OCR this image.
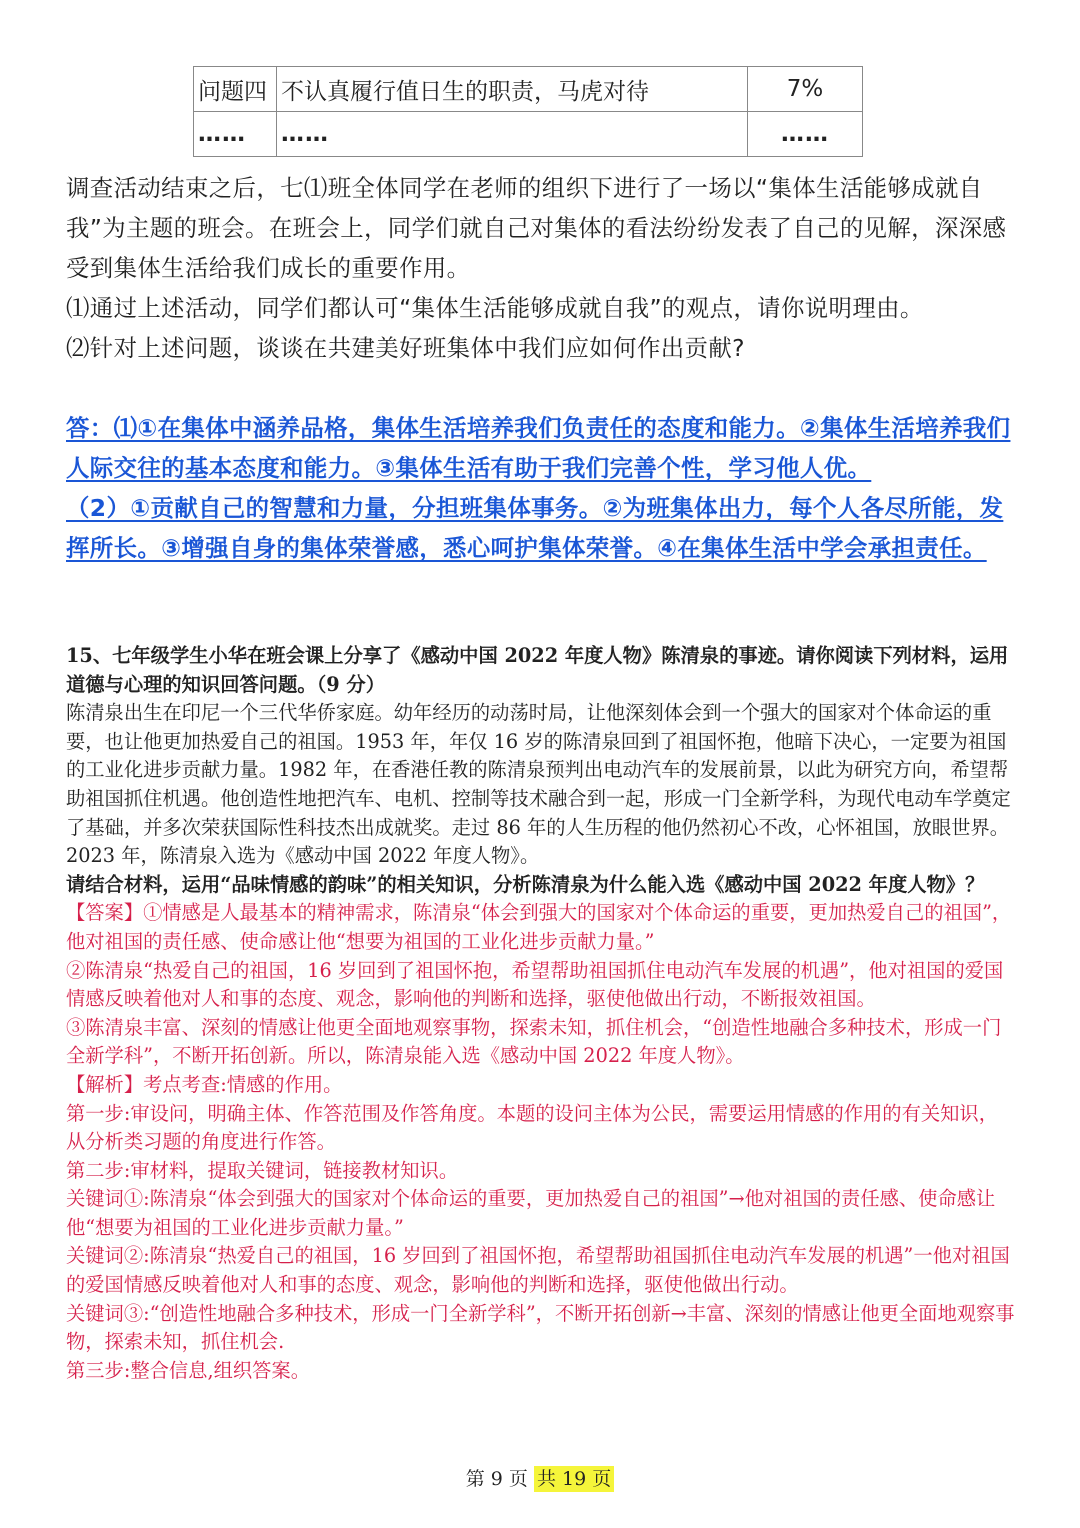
问题四	不认真履行值日生的职责，马虎对待	7%
……	……	……

调查活动结束之后，七⑴班全体同学在老师的组织下进行了一场以“集体生活能够成就自我”为主题的班会。在班会上，同学们就自己对集体的看法纷纷发表了自己的见解，深深感受到集体生活给我们成长的重要作用。

⑴通过上述活动，同学们都认可“集体生活能够成就自我”的观点，请你说明理由。

⑵针对上述问题，谈谈在共建美好班集体中我们应如何作出贡献?

答：⑴①在集体中涵养品格，集体生活培养我们负责任的态度和能力。②集体生活培养我们人际交往的基本态度和能力。③集体生活有助于我们完善个性，学习他人优。

（2）①贡献自己的智慧和力量，分担班集体事务。②为班集体出力，每个人各尽所能，发挥所长。③增强自身的集体荣誉感，悉心呵护集体荣誉。④在集体生活中学会承担责任。

15、七年级学生小华在班会课上分享了《感动中国 2022 年度人物》陈清泉的事迹。请你阅读下列材料，运用道德与心理的知识回答问题。（9 分）

陈清泉出生在印尼一个三代华侨家庭。幼年经历的动荡时局，让他深刻体会到一个强大的国家对个体命运的重要，也让他更加热爱自己的祖国。1953 年，年仅 16 岁的陈清泉回到了祖国怀抱，他暗下决心，一定要为祖国的工业化进步贡献力量。1982 年，在香港任教的陈清泉预判出电动汽车的发展前景，以此为研究方向，希望帮助祖国抓住机遇。他创造性地把汽车、电机、控制等技术融合到一起，形成一门全新学科，为现代电动车学奠定了基础，并多次荣获国际性科技杰出成就奖。走过 86 年的人生历程的他仍然初心不改，心怀祖国，放眼世界。2023 年，陈清泉入选为《感动中国 2022 年度人物》。

请结合材料，运用“品味情感的韵味”的相关知识，分析陈清泉为什么能入选《感动中国 2022 年度人物》？

【答案】①情感是人最基本的精神需求，陈清泉“体会到强大的国家对个体命运的重要，更加热爱自己的祖国”，他对祖国的责任感、使命感让他“想要为祖国的工业化进步贡献力量。”

②陈清泉“热爱自己的祖国，16 岁回到了祖国怀抱，希望帮助祖国抓住电动汽车发展的机遇”，他对祖国的爱国情感反映着他对人和事的态度、观念，影响他的判断和选择，驱使他做出行动，不断报效祖国。

③陈清泉丰富、深刻的情感让他更全面地观察事物，探索未知，抓住机会，“创造性地融合多种技术，形成一门全新学科”，不断开拓创新。所以，陈清泉能入选《感动中国 2022 年度人物》。

【解析】考点考查:情感的作用。

第一步:审设问，明确主体、作答范围及作答角度。本题的设问主体为公民，需要运用情感的作用的有关知识，从分析类习题的角度进行作答。

第二步:审材料，提取关键词，链接教材知识。

关键词①:陈清泉“体会到强大的国家对个体命运的重要，更加热爱自己的祖国”→他对祖国的责任感、使命感让他“想要为祖国的工业化进步贡献力量。”

关键词②:陈清泉“热爱自己的祖国，16 岁回到了祖国怀抱，希望帮助祖国抓住电动汽车发展的机遇”一他对祖国的爱国情感反映着他对人和事的态度、观念，影响他的判断和选择，驱使他做出行动。

关键词③:“创造性地融合多种技术，形成一门全新学科”，不断开拓创新→丰富、深刻的情感让他更全面地观察事物，探索未知，抓住机会.

第三步:整合信息,组织答案。

第 9 页 共 19 页
